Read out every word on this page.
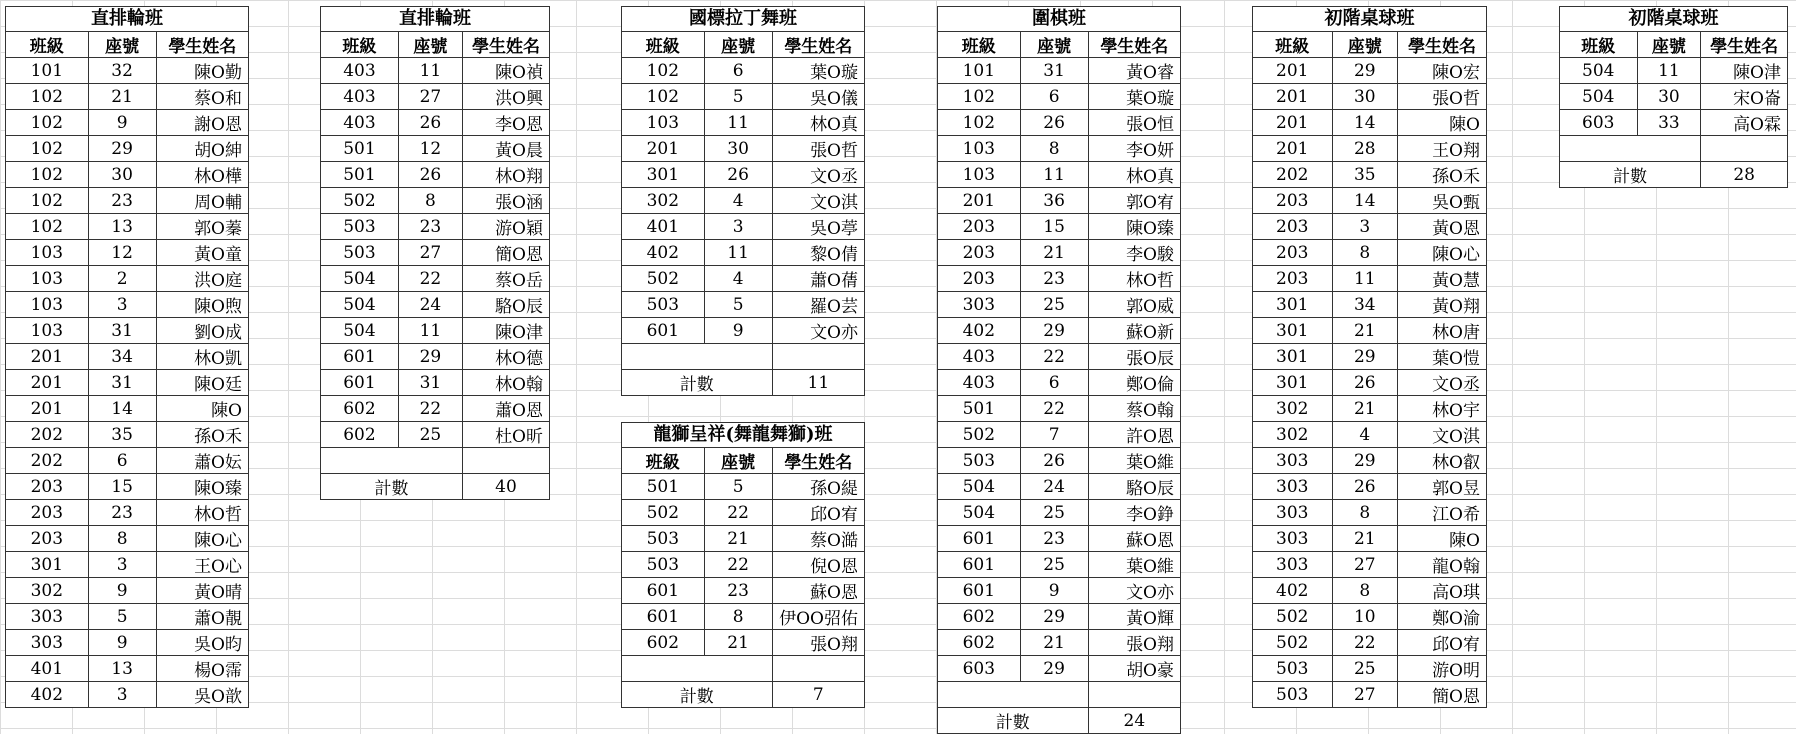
直排輪班
班級	座號	學生姓名
101	32	陳O勤
102	21	蔡O和
102	9	謝O恩
102	29	胡O紳
102	30	林O樺
102	23	周O輔
102	13	郭O蓁
103	12	黃O童
103	2	洪O庭
103	3	陳O煦
103	31	劉O成
201	34	林O凱
201	31	陳O廷
201	14	陳O
202	35	孫O禾
202	6	蕭O妘
203	15	陳O臻
203	23	林O哲
203	8	陳O心
301	3	王O心
302	9	黃O晴
303	5	蕭O靚
303	9	吳O昀
401	13	楊O霈
402	3	吳O歆
直排輪班
班級	座號	學生姓名
403	11	陳O禎
403	27	洪O興
403	26	李O恩
501	12	黃O晨
501	26	林O翔
502	8	張O涵
503	23	游O穎
503	27	簡O恩
504	22	蔡O岳
504	24	駱O辰
504	11	陳O津
601	29	林O德
601	31	林O翰
602	22	蕭O恩
602	25	杜O昕

計數		40
國標拉丁舞班
班級	座號	學生姓名
102	6	葉O璇
102	5	吳O儀
103	11	林O真
201	30	張O哲
301	26	文O丞
302	4	文O淇
401	3	吳O葶
402	11	黎O倩
502	4	蕭O蒨
503	5	羅O芸
601	9	文O亦

計數		11
龍獅呈祥(舞龍舞獅)班
班級	座號	學生姓名
501	5	孫O緹
502	22	邱O宥
503	21	蔡O澔
503	22	倪O恩
601	23	蘇O恩
601	8	伊OO弨佑
602	21	張O翔

計數		7
圍棋班
班級	座號	學生姓名
101	31	黃O睿
102	6	葉O璇
102	26	張O恒
103	8	李O妍
103	11	林O真
201	36	郭O宥
203	15	陳O臻
203	21	李O駿
203	23	林O哲
303	25	郭O威
402	29	蘇O新
403	22	張O辰
403	6	鄭O倫
501	22	蔡O翰
502	7	許O恩
503	26	葉O維
504	24	駱O辰
504	25	李O錚
601	23	蘇O恩
601	25	葉O維
601	9	文O亦
602	29	黃O輝
602	21	張O翔
603	29	胡O豪

計數		24
初階桌球班
班級	座號	學生姓名
201	29	陳O宏
201	30	張O哲
201	14	陳O
201	28	王O翔
202	35	孫O禾
203	14	吳O甄
203	3	黃O恩
203	8	陳O心
203	11	黃O慧
301	34	黃O翔
301	21	林O唐
301	29	葉O愷
301	26	文O丞
302	21	林O宇
302	4	文O淇
303	29	林O叡
303	26	郭O昱
303	8	江O希
303	21	陳O
303	27	龍O翰
402	8	高O琪
502	10	鄭O渝
502	22	邱O宥
503	25	游O明
503	27	簡O恩
初階桌球班
班級	座號	學生姓名
504	11	陳O津
504	30	宋O崙
603	33	高O霖

計數		28
